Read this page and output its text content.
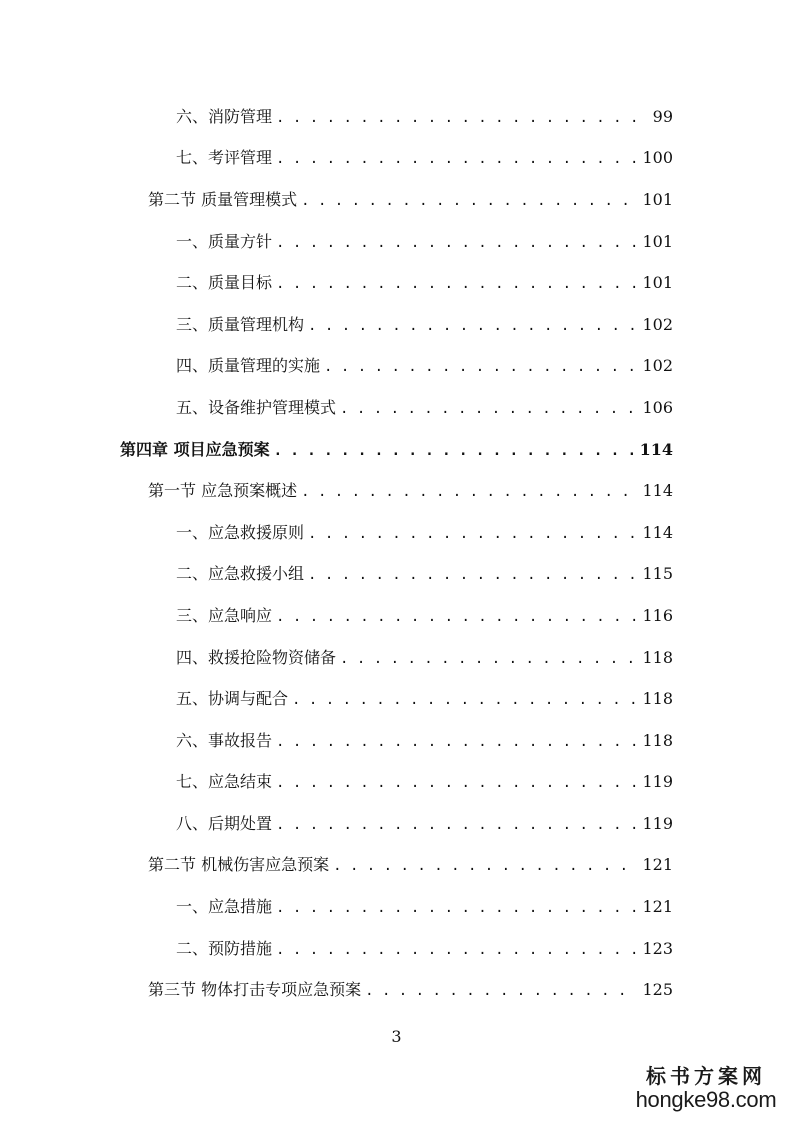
六、消防管理 . . .	99
七、考评管理 . . .	100
第二节 质量管理模式 . . .	101
一、质量方针 . . .	101
二、质量目标 . . .	101
三、质量管理机构 . . .	102
四、质量管理的实施 . . .	102
五、设备维护管理模式 . . .	106
第四章 项目应急预案 . . .	114
第一节 应急预案概述 . . .	114
一、应急救援原则 . . .	114
二、应急救援小组 . . .	115
三、应急响应 . . .	116
四、救援抢险物资储备 . . .	118
五、协调与配合 . . .	118
六、事故报告 . . .	118
七、应急结束 . . .	119
八、后期处置 . . .	119
第二节 机械伤害应急预案 . . .	121
一、应急措施 . . .	121
二、预防措施 . . .	123
第三节 物体打击专项应急预案 . . .	125
3
标书方案网
hongke98.com
